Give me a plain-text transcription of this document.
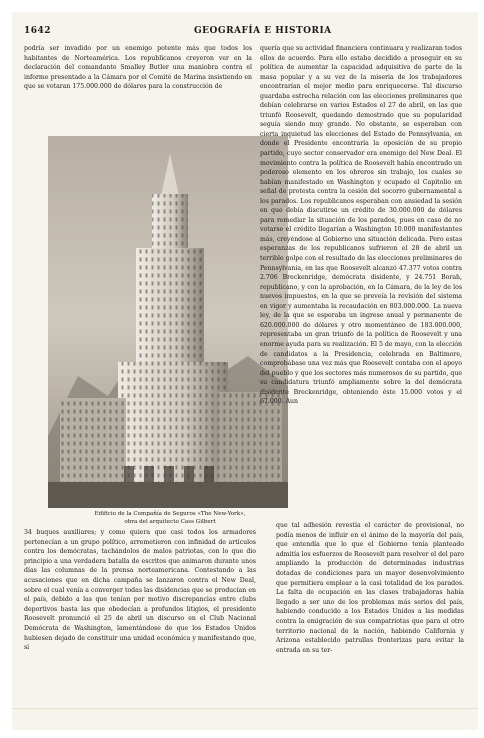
1642	GEOGRAFÍA E HISTORIA
podría ser invadido por un enemigo potente más que todos los habitantes de Norteamérica. Los republicanos creyeron ver en la declaración del comandante Smalley Butler una maniobra contra el informe presentado a la Cámara por el Comité de Marina insistiendo en que se votaran 175.000.000 de dólares para la construcción de
Edificio de la Compañía de Seguros «The New-York»,
obra del arquitecto Cass Gilbert
34 buques auxiliares; y como quiera que casi todos los armadores pertenecían a un grupo político, arremetieron con infinidad de artículos contra los demócratas, tachándolos de malos patriotas, con lo que dio principio a una verdadera batalla de escritos que animaron durante unos días las columnas de la prensa norteamericana. Contestando a las acusaciones que en dicha campaña se lanzaron contra el New Deal, sobre el cual venía a converger todas las disidencias que se producían en el país, debido a las que tenían por motivo discrepancias entre clubs deportivos hasta las que obedecían a profundos litigios, el presidente Roosevelt pronunció el 25 de abril un discurso en el Club Nacional Demócrata de Washington, lamentándose de que los Estados Unidos hubiesen dejado de constituir una unidad económica y manifestando que, si
quería que su actividad financiera continuara y realizaran todos ellos de acuerdo. Para ello estaba decidido a proseguir en su política de aumentar la capacidad adquisitiva de parte de la masa popular y a su vez de la miseria de los trabajadores encontrarían el mejor medio para enriquecerse. Tal discurso guardaba estrecha relación con las elecciones preliminares que debían celebrarse en varios Estados el 27 de abril, en las que triunfó Roosevelt, quedando demostrado que su popularidad seguía siendo muy grande. No obstante, se esperaban con cierta inquietud las elecciones del Estado de Pennsylvania, en donde el Presidente encontraría la oposición de su propio partido, cuyo sector conservador era enemigo del New Deal. El movimiento contra la política de Roosevelt había encontrado un poderoso elemento en los obreros sin trabajo, los cuales se habían manifestado en Washington y ocupado el Capitolio en señal de protesta contra la cesión del socorro gubernamental a los parados. Los republicanos esperaban con ansiedad la sesión en que debía discutirse un crédito de 30.000.000 de dólares para remediar la situación de los parados, pues en caso de no votarse el crédito llegarían a Washington 10.000 manifestantes más, creyéndose al Gobierno una situación delicada. Pero estas esperanzas de los republicanos sufrieron el 28 de abril un terrible golpe con el resultado de las elecciones preliminares de Pennsylvania, en las que Roosevelt alcanzó 47.377 votos contra 2.706 Breckenridge, demócrata disidente, y 24.751 Borah, republicano, y con la aprobación, en la Cámara, de la ley de los nuevos impuestos, en la que se preveía la revisión del sistema en vigor y aumentaba la recaudación en 803.000.000. La nueva ley, de la que se esperaba un ingreso anual y permanente de 620.000.000 de dólares y otro momentáneo de 183.000.000, representaba un gran triunfo de la política de Roosevelt y una enorme ayuda para su realización. El 5 de mayo, con la elección de candidatos a la Presidencia, celebrada en Baltimore, comprobábase una vez más que Roosevelt contaba con el apoyo del pueblo y que los sectores más numerosos de su partido, que su candidatura triunfó ampliamente sobre la del demócrata disidente Breckenridge, obteniendo éste 15.000 votos y el 67.000. Aun
que tal adhesión revestía el carácter de provisional, no podía menos de influir en el ánimo de la mayoría del país, que entendía que lo que el Gobierno tenía planteado admitía los esfuerzos de Roosevelt para resolver el del paro ampliando la producción de determinadas industrias dotadas de condiciones para un mayor desenvolvimiento que permitiera emplear a la casi totalidad de los parados. La falta de ocupación en las clases trabajadoras había llegado a ser uno de los problemas más serios del país, habiendo conducido a los Estados Unidos a las medidas contra la emigración de sus compatriotas que para el otro territorio nacional de la nación, habiendo California y Arizona establecido patrullas fronterizas para evitar la entrada en su ter-
